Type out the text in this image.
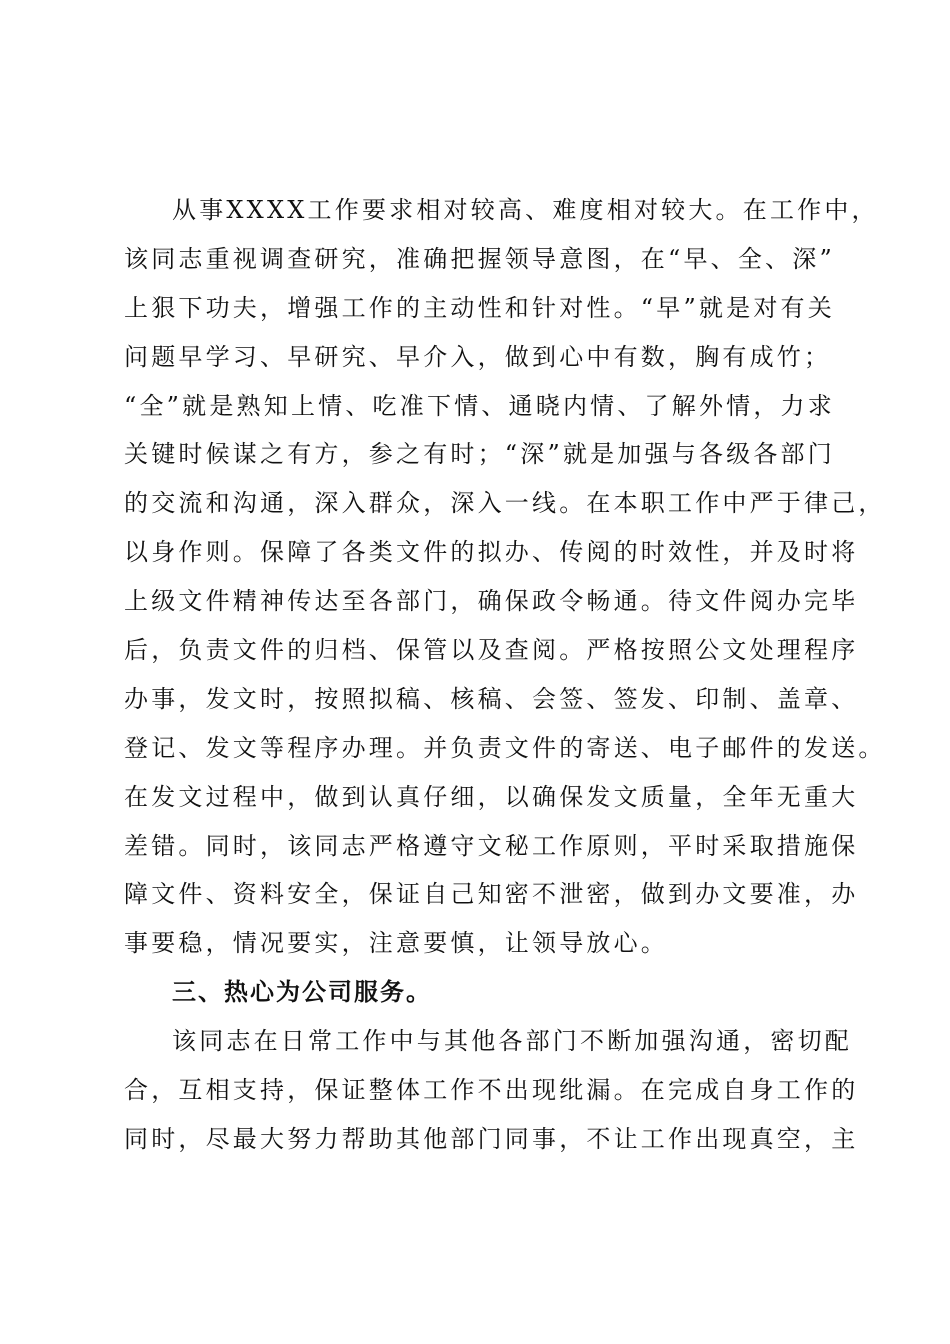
从事XXXX工作要求相对较高、难度相对较大。在工作中，
该同志重视调查研究，准确把握领导意图，在“早、全、深”
上狠下功夫，增强工作的主动性和针对性。“早”就是对有关
问题早学习、早研究、早介入，做到心中有数，胸有成竹；
“全”就是熟知上情、吃准下情、通晓内情、了解外情，力求
关键时候谋之有方，参之有时；“深”就是加强与各级各部门
的交流和沟通，深入群众，深入一线。在本职工作中严于律己，
以身作则。保障了各类文件的拟办、传阅的时效性，并及时将
上级文件精神传达至各部门，确保政令畅通。待文件阅办完毕
后，负责文件的归档、保管以及查阅。严格按照公文处理程序
办事，发文时，按照拟稿、核稿、会签、签发、印制、盖章、
登记、发文等程序办理。并负责文件的寄送、电子邮件的发送。
在发文过程中，做到认真仔细，以确保发文质量，全年无重大
差错。同时，该同志严格遵守文秘工作原则，平时采取措施保
障文件、资料安全，保证自己知密不泄密，做到办文要准，办
事要稳，情况要实，注意要慎，让领导放心。
三、热心为公司服务。
该同志在日常工作中与其他各部门不断加强沟通，密切配
合，互相支持，保证整体工作不出现纰漏。在完成自身工作的
同时，尽最大努力帮助其他部门同事，不让工作出现真空，主
